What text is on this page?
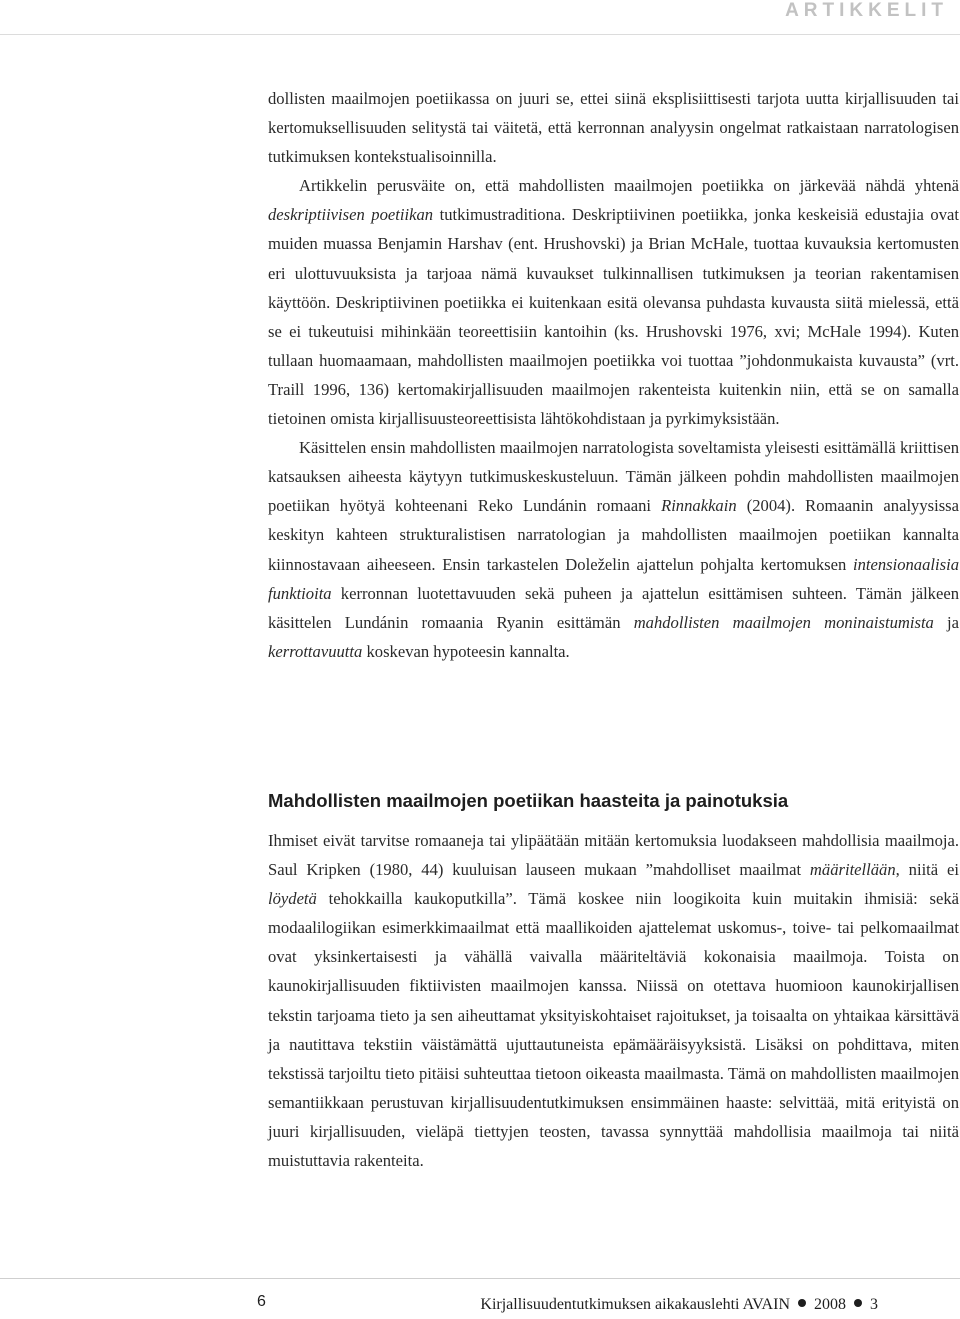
ARTIKKELIT

dollisten maailmojen poetiikassa on juuri se, ettei siinä eksplisiittisesti tarjota uutta kirjallisuuden tai kertomuksellisuuden selitystä tai väitetä, että kerronnan analyysin ongelmat ratkaistaan narratologisen tutkimuksen kontekstualisoinnilla.

Artikkelin perusväite on, että mahdollisten maailmojen poetiikka on järkevää nähdä yhtenä deskriptiivisen poetiikan tutkimustraditiona. Deskriptiivinen poetiikka, jonka keskeisiä edustajia ovat muiden muassa Benjamin Harshav (ent. Hrushovski) ja Brian McHale, tuottaa kuvauksia kertomusten eri ulottuvuuksista ja tarjoaa nämä kuvaukset tulkinnallisen tutkimuksen ja teorian rakentamisen käyttöön. Deskriptiivinen poetiikka ei kuitenkaan esitä olevansa puhdasta kuvausta siitä mielessä, että se ei tukeutuisi mihinkään teoreettisiin kantoihin (ks. Hrushovski 1976, xvi; McHale 1994). Kuten tullaan huomaamaan, mahdollisten maailmojen poetiikka voi tuottaa ”johdonmukaista kuvausta” (vrt. Traill 1996, 136) kertomakirjallisuuden maailmojen rakenteista kuitenkin niin, että se on samalla tietoinen omista kirjallisuusteoreettisista lähtökohdistaan ja pyrkimyksistään.

Käsittelen ensin mahdollisten maailmojen narratologista soveltamista yleisesti esittämällä kriittisen katsauksen aiheesta käytyyn tutkimuskeskusteluun. Tämän jälkeen pohdin mahdollisten maailmojen poetiikan hyötyä kohteenani Reko Lundánin romaani Rinnakkain (2004). Romaanin analyysissa keskityn kahteen strukturalistisen narratologian ja mahdollisten maailmojen poetiikan kannalta kiinnostavaan aiheeseen. Ensin tarkastelen Doleželin ajattelun pohjalta kertomuksen intensionaalisia funktioita kerronnan luotettavuuden sekä puheen ja ajattelun esittämisen suhteen. Tämän jälkeen käsittelen Lundánin romaania Ryanin esittämän mahdollisten maailmojen moninaistumista ja kerrottavuutta koskevan hypoteesin kannalta.

Mahdollisten maailmojen poetiikan haasteita ja painotuksia

Ihmiset eivät tarvitse romaaneja tai ylipäätään mitään kertomuksia luodakseen mahdollisia maailmoja. Saul Kripken (1980, 44) kuuluisan lauseen mukaan ”mahdolliset maailmat määritellään, niitä ei löydetä tehokkailla kaukoputkilla”. Tämä koskee niin loogikoita kuin muitakin ihmisiä: sekä modaalilogiikan esimerkkimaailmat että maallikoiden ajattelemat uskomus-, toive- tai pelkomaailmat ovat yksinkertaisesti ja vähällä vaivalla määriteltäviä kokonaisia maailmoja. Toista on kaunokirjallisuuden fiktiivisten maailmojen kanssa. Niissä on otettava huomioon kaunokirjallisen tekstin tarjoama tieto ja sen aiheuttamat yksityiskohtaiset rajoitukset, ja toisaalta on yhtaikaa kärsittävä ja nautittava tekstiin väistämättä ujuttautuneista epämääräisyyksistä. Lisäksi on pohdittava, miten tekstissä tarjoiltu tieto pitäisi suhteuttaa tietoon oikeasta maailmasta. Tämä on mahdollisten maailmojen semantiikkaan perustuvan kirjallisuudentutkimuksen ensimmäinen haaste: selvittää, mitä erityistä on juuri kirjallisuuden, vieläpä tiettyjen teosten, tavassa synnyttää mahdollisia maailmoja tai niitä muistuttavia rakenteita.

6	Kirjallisuudentutkimuksen aikakauslehti AVAIN 2008 3
